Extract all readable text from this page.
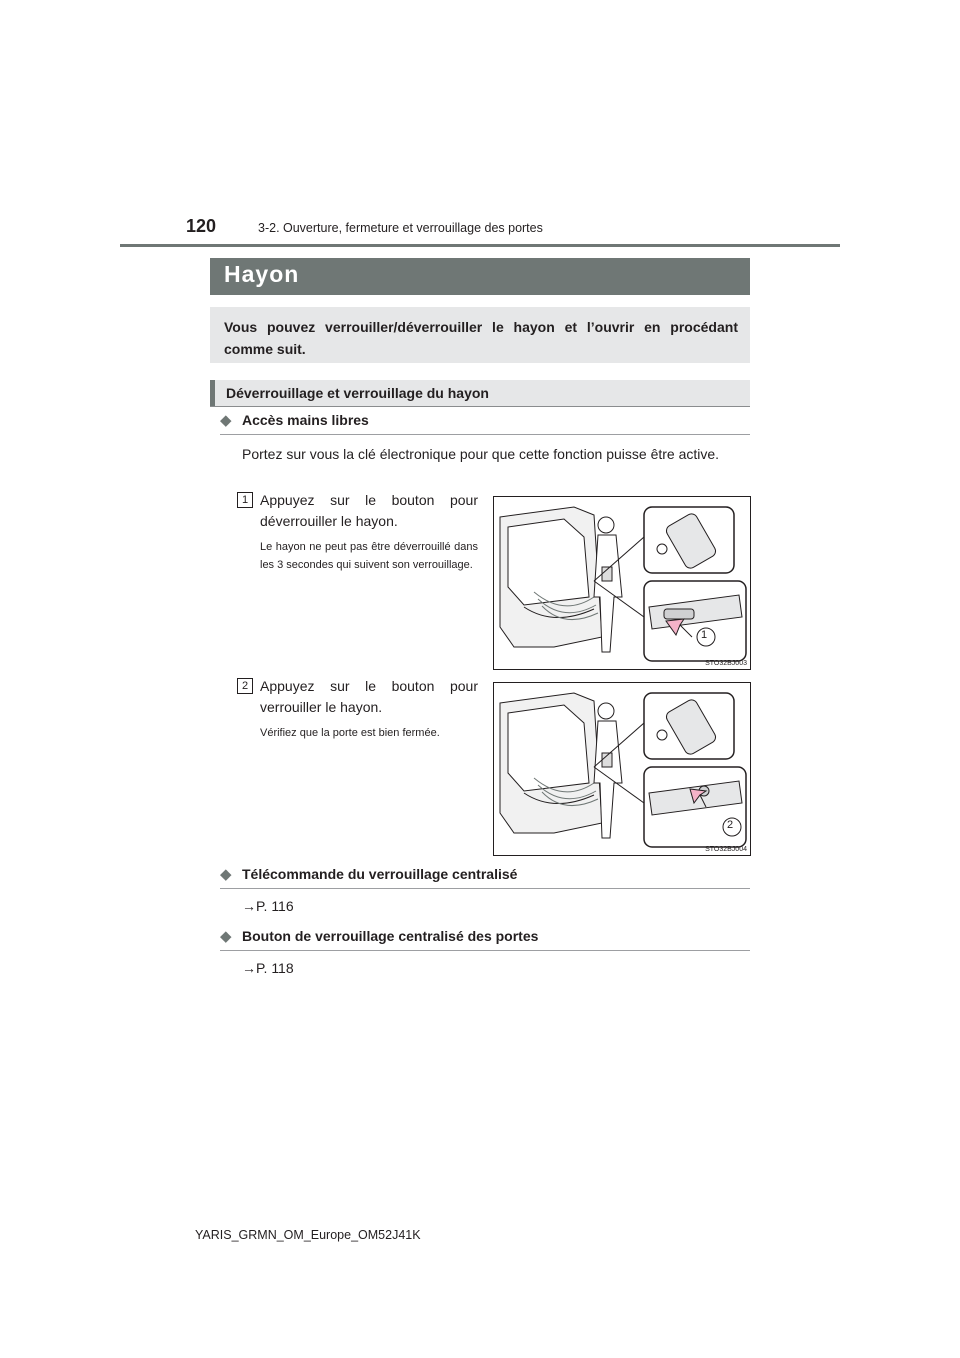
120	3-2. Ouverture, fermeture et verrouillage des portes
Hayon

Vous pouvez verrouiller/déverrouiller le hayon et l’ouvrir en procédant comme suit.

Déverrouillage et verrouillage du hayon
◆ Accès mains libres

Portez sur vous la clé électronique pour que cette fonction puisse être active.

1 Appuyez sur le bouton pour déverrouiller le hayon.

Le hayon ne peut pas être déverrouillé dans les 3 secondes qui suivent son verrouillage.

1
STO32BJ003
2 Appuyez sur le bouton pour verrouiller le hayon.

Vérifiez que la porte est bien fermée.

2
STO32BJ004
◆ Télécommande du verrouillage centralisé
→P. 116
◆ Bouton de verrouillage centralisé des portes
→P. 118
YARIS_GRMN_OM_Europe_OM52J41K
